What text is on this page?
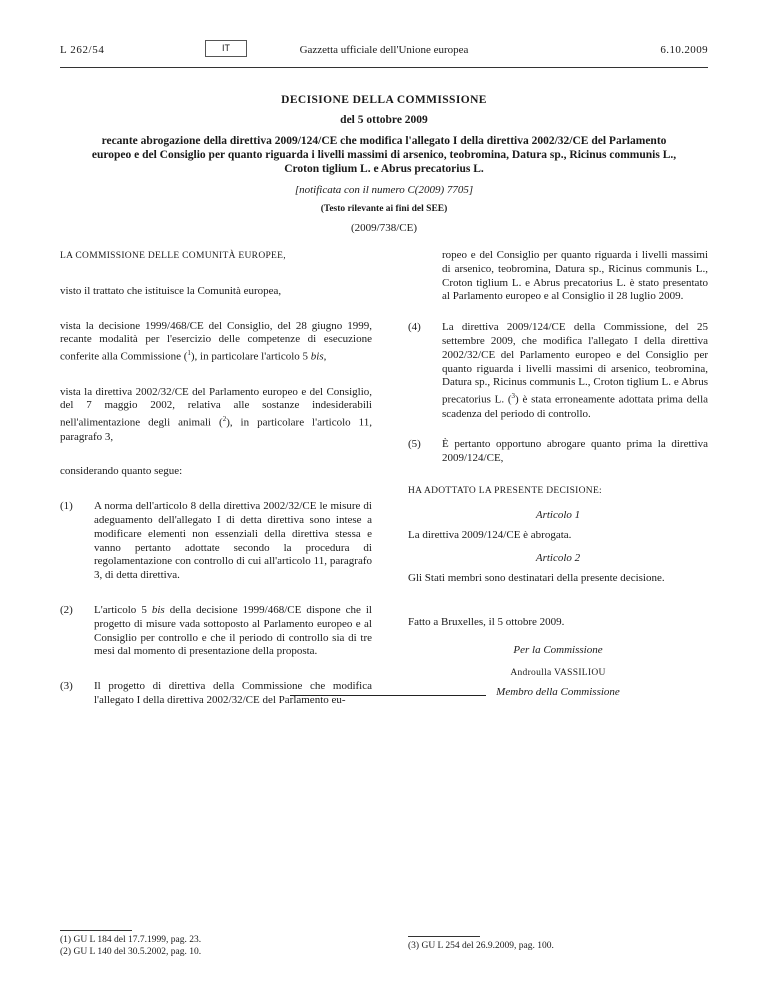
L 262/54	IT	Gazzetta ufficiale dell'Unione europea	6.10.2009

DECISIONE DELLA COMMISSIONE

del 5 ottobre 2009

recante abrogazione della direttiva 2009/124/CE che modifica l'allegato I della direttiva 2002/32/CE del Parlamento europeo e del Consiglio per quanto riguarda i livelli massimi di arsenico, teobromina, Datura sp., Ricinus communis L., Croton tiglium L. e Abrus precatorius L.

[notificata con il numero C(2009) 7705]

(Testo rilevante ai fini del SEE)

(2009/738/CE)

LA COMMISSIONE DELLE COMUNITÀ EUROPEE,

visto il trattato che istituisce la Comunità europea,

vista la decisione 1999/468/CE del Consiglio, del 28 giugno 1999, recante modalità per l'esercizio delle competenze di esecuzione conferite alla Commissione ($^1$), in particolare l'articolo 5 bis,

vista la direttiva 2002/32/CE del Parlamento europeo e del Consiglio, del 7 maggio 2002, relativa alle sostanze indesiderabili nell'alimentazione degli animali ($^2$), in particolare l'articolo 11, paragrafo 3,

considerando quanto segue:

(1) A norma dell'articolo 8 della direttiva 2002/32/CE le misure di adeguamento dell'allegato I di detta direttiva sono intese a modificare elementi non essenziali della direttiva stessa e vanno pertanto adottate secondo la procedura di regolamentazione con controllo di cui all'articolo 11, paragrafo 3, di detta direttiva.

(2) L'articolo 5 bis della decisione 1999/468/CE dispone che il progetto di misure vada sottoposto al Parlamento europeo e al Consiglio per controllo e che il periodo di controllo sia di tre mesi dal momento di presentazione della proposta.

(3) Il progetto di direttiva della Commissione che modifica l'allegato I della direttiva 2002/32/CE del Parlamento eu-

ropeo e del Consiglio per quanto riguarda i livelli massimi di arsenico, teobromina, Datura sp., Ricinus communis L., Croton tiglium L. e Abrus precatorius L. è stato presentato al Parlamento europeo e al Consiglio il 28 luglio 2009.

(4) La direttiva 2009/124/CE della Commissione, del 25 settembre 2009, che modifica l'allegato I della direttiva 2002/32/CE del Parlamento europeo e del Consiglio per quanto riguarda i livelli massimi di arsenico, teobromina, Datura sp., Ricinus communis L., Croton tiglium L. e Abrus precatorius L. ($^3$) è stata erroneamente adottata prima della scadenza del periodo di controllo.

(5) È pertanto opportuno abrogare quanto prima la direttiva 2009/124/CE,

HA ADOTTATO LA PRESENTE DECISIONE:

Articolo 1

La direttiva 2009/124/CE è abrogata.

Articolo 2

Gli Stati membri sono destinatari della presente decisione.

Fatto a Bruxelles, il 5 ottobre 2009.

Per la Commissione

Androulla VASSILIOU

Membro della Commissione

(1) GU L 184 del 17.7.1999, pag. 23.
(2) GU L 140 del 30.5.2002, pag. 10.
(3) GU L 254 del 26.9.2009, pag. 100.
